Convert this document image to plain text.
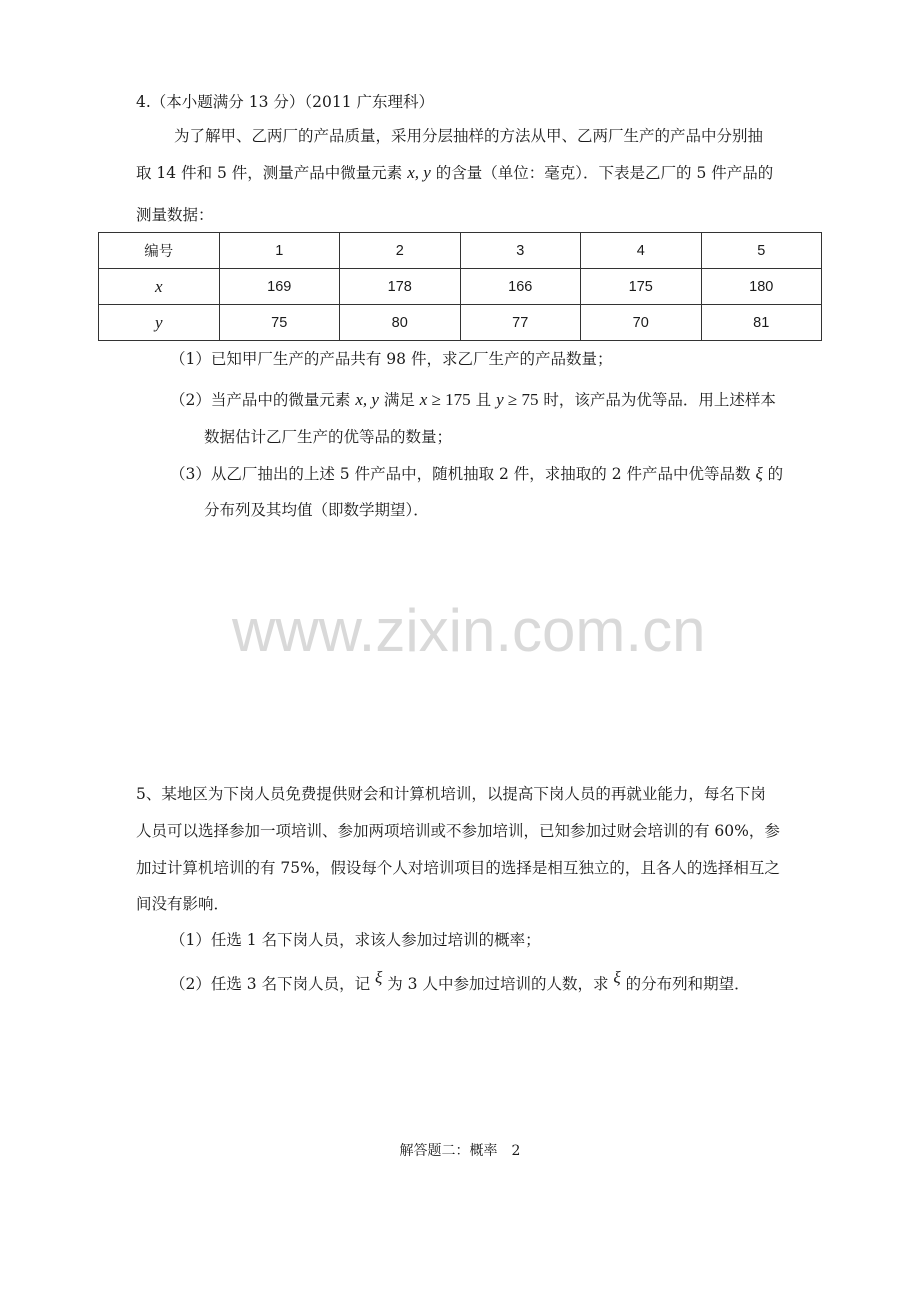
4.（本小题满分 13 分）（2011 广东理科）
为了解甲、乙两厂的产品质量，采用分层抽样的方法从甲、乙两厂生产的产品中分别抽
取 14 件和 5 件，测量产品中微量元素 x, y 的含量（单位：毫克）．下表是乙厂的 5 件产品的
测量数据：
编号	1	2	3	4	5
x	169	178	166	175	180
y	75	80	77	70	81
（1）已知甲厂生产的产品共有 98 件，求乙厂生产的产品数量；
（2）当产品中的微量元素 x, y 满足 x ≥ 175 且 y ≥ 75 时，该产品为优等品．用上述样本
数据估计乙厂生产的优等品的数量；
（3）从乙厂抽出的上述 5 件产品中，随机抽取 2 件，求抽取的 2 件产品中优等品数 ξ 的
分布列及其均值（即数学期望）．
www.zixin.com.cn
5、某地区为下岗人员免费提供财会和计算机培训，以提高下岗人员的再就业能力，每名下岗
人员可以选择参加一项培训、参加两项培训或不参加培训，已知参加过财会培训的有 60%，参
加过计算机培训的有 75%，假设每个人对培训项目的选择是相互独立的，且各人的选择相互之
间没有影响．
（1）任选 1 名下岗人员，求该人参加过培训的概率；
（2）任选 3 名下岗人员，记 ξ 为 3 人中参加过培训的人数，求 ξ 的分布列和期望．
解答题二：概率　2
